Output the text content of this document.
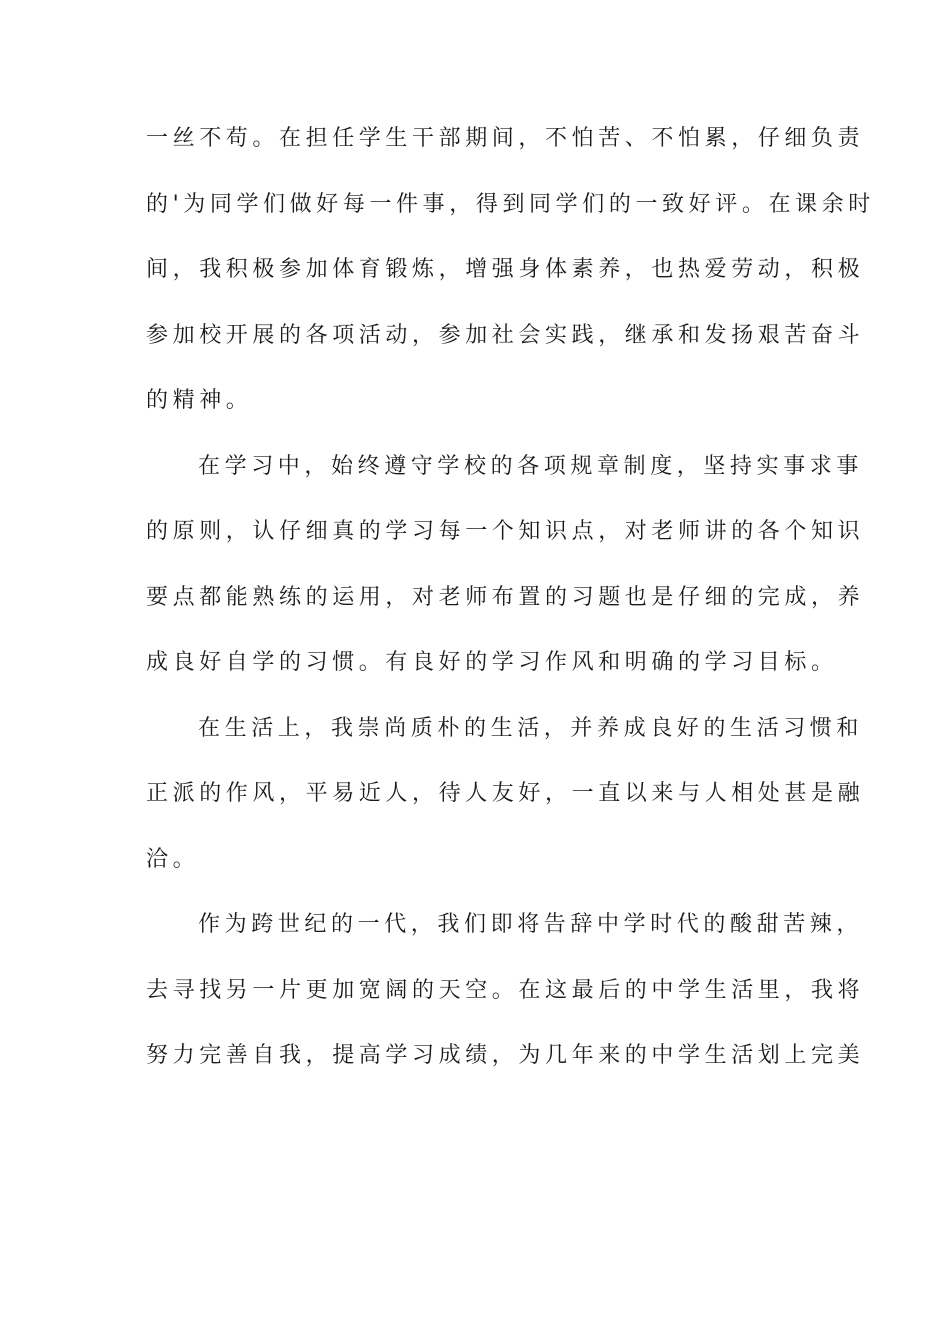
一丝不苟。在担任学生干部期间，不怕苦、不怕累，仔细负责
的'为同学们做好每一件事，得到同学们的一致好评。在课余时
间，我积极参加体育锻炼，增强身体素养，也热爱劳动，积极
参加校开展的各项活动，参加社会实践，继承和发扬艰苦奋斗
的精神。
在学习中，始终遵守学校的各项规章制度，坚持实事求事
的原则，认仔细真的学习每一个知识点，对老师讲的各个知识
要点都能熟练的运用，对老师布置的习题也是仔细的完成，养
成良好自学的习惯。有良好的学习作风和明确的学习目标。
在生活上，我崇尚质朴的生活，并养成良好的生活习惯和
正派的作风，平易近人，待人友好，一直以来与人相处甚是融
洽。
作为跨世纪的一代，我们即将告辞中学时代的酸甜苦辣，
去寻找另一片更加宽阔的天空。在这最后的中学生活里，我将
努力完善自我，提高学习成绩，为几年来的中学生活划上完美
